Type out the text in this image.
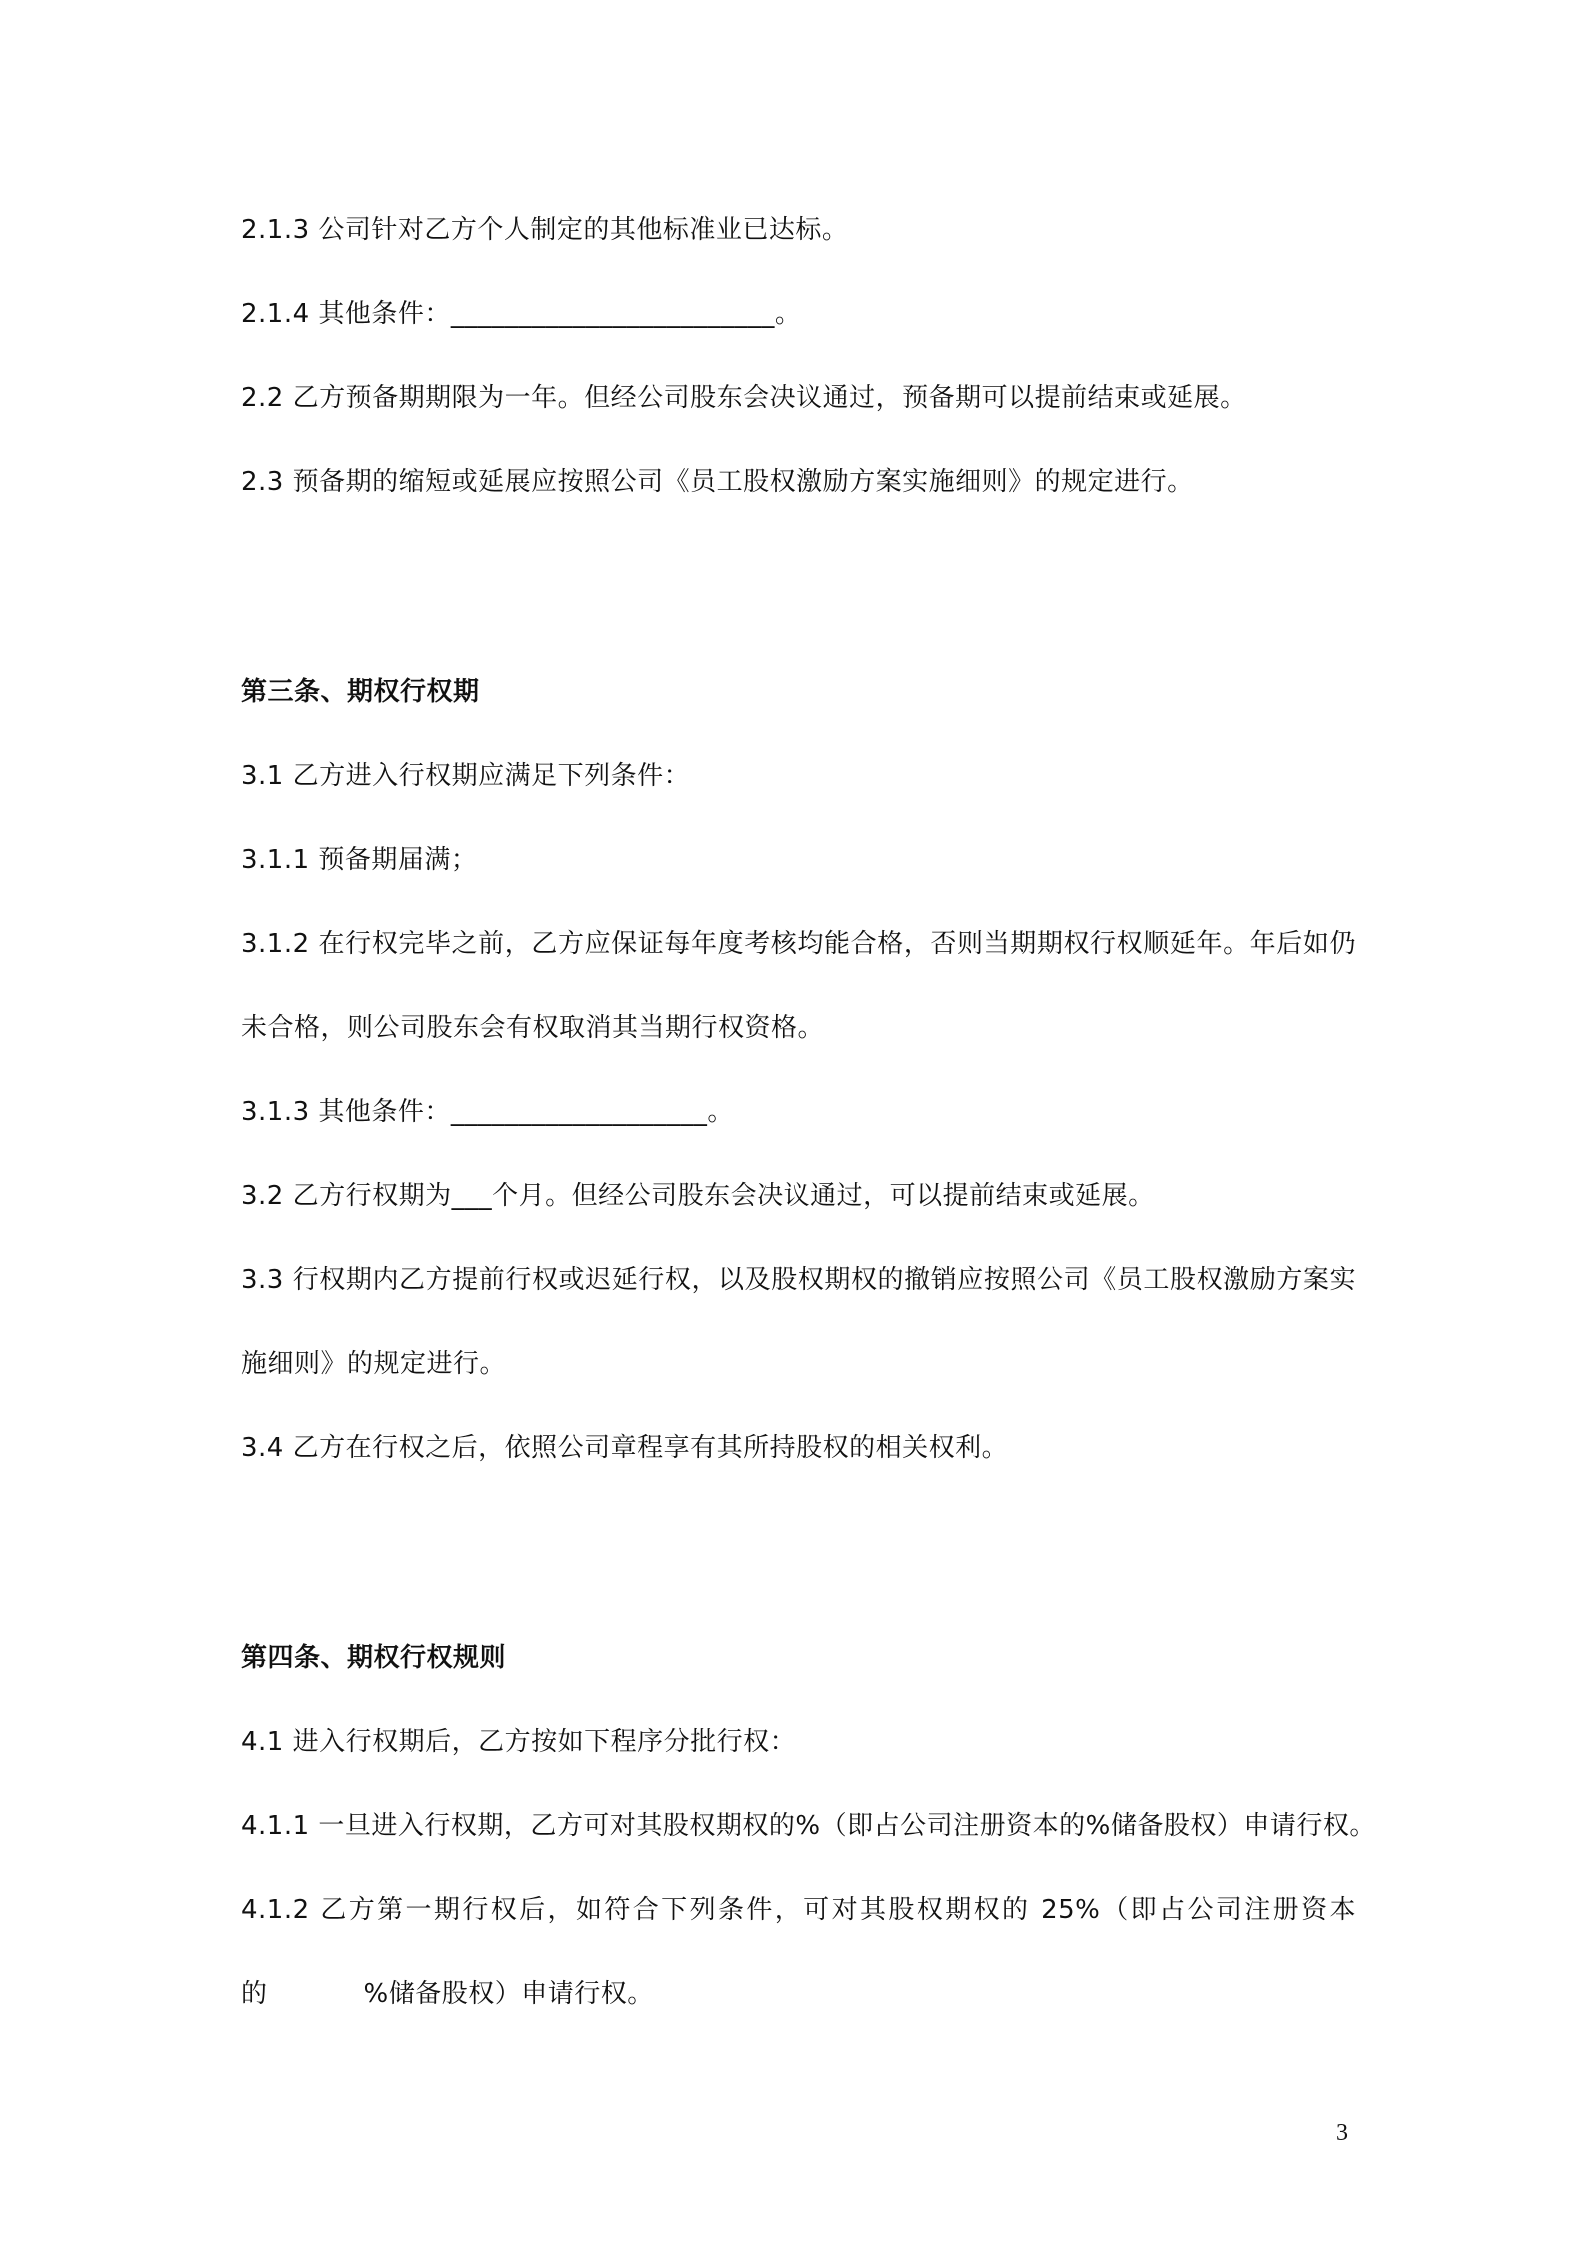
2.1.3 公司针对乙方个人制定的其他标准业已达标。
2.1.4 其他条件：________________________。
2.2 乙方预备期期限为一年。但经公司股东会决议通过，预备期可以提前结束或延展。
2.3 预备期的缩短或延展应按照公司《员工股权激励方案实施细则》的规定进行。
第三条、期权行权期
3.1 乙方进入行权期应满足下列条件：
3.1.1 预备期届满；
3.1.2 在行权完毕之前，乙方应保证每年度考核均能合格，否则当期期权行权顺延年。年后如仍
未合格，则公司股东会有权取消其当期行权资格。
3.1.3 其他条件：___________________。
3.2 乙方行权期为___个月。但经公司股东会决议通过，可以提前结束或延展。
3.3 行权期内乙方提前行权或迟延行权，以及股权期权的撤销应按照公司《员工股权激励方案实
施细则》的规定进行。
3.4 乙方在行权之后，依照公司章程享有其所持股权的相关权利。
第四条、期权行权规则
4.1 进入行权期后，乙方按如下程序分批行权：
4.1.1 一旦进入行权期，乙方可对其股权期权的%（即占公司注册资本的%储备股权）申请行权。
4.1.2 乙方第一期行权后，如符合下列条件，可对其股权期权的 25%（即占公司注册资本
的	%储备股权）申请行权。
3
